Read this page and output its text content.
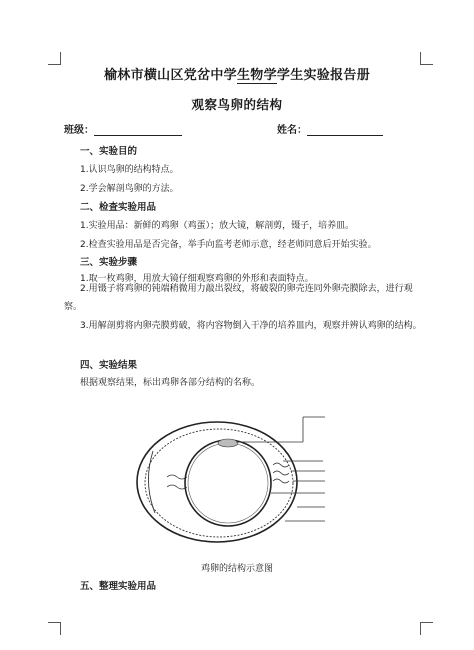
榆林市横山区党岔中学生物学学生实验报告册
观察鸟卵的结构
班级：	姓名：
一、实验目的
1.认识鸟卵的结构特点。
2.学会解剖鸟卵的方法。
二、检查实验用品
1.实验用品：新鲜的鸡卵（鸡蛋）；放大镜，解剖剪，镊子，培养皿。
2.检查实验用品是否完备，举手向监考老师示意，经老师同意后开始实验。
三、实验步骤
1.取一枚鸡卵，用放大镜仔细观察鸡卵的外形和表面特点。
2.用镊子将鸡卵的钝端稍微用力敲出裂纹，将破裂的卵壳连同外卵壳膜除去，进行观察。
3.用解剖剪将内卵壳膜剪破，将内容物倒入干净的培养皿内，观察并辨认鸡卵的结构。
四、实验结果
根据观察结果，标出鸡卵各部分结构的名称。
鸡卵的结构示意图
五、整理实验用品
